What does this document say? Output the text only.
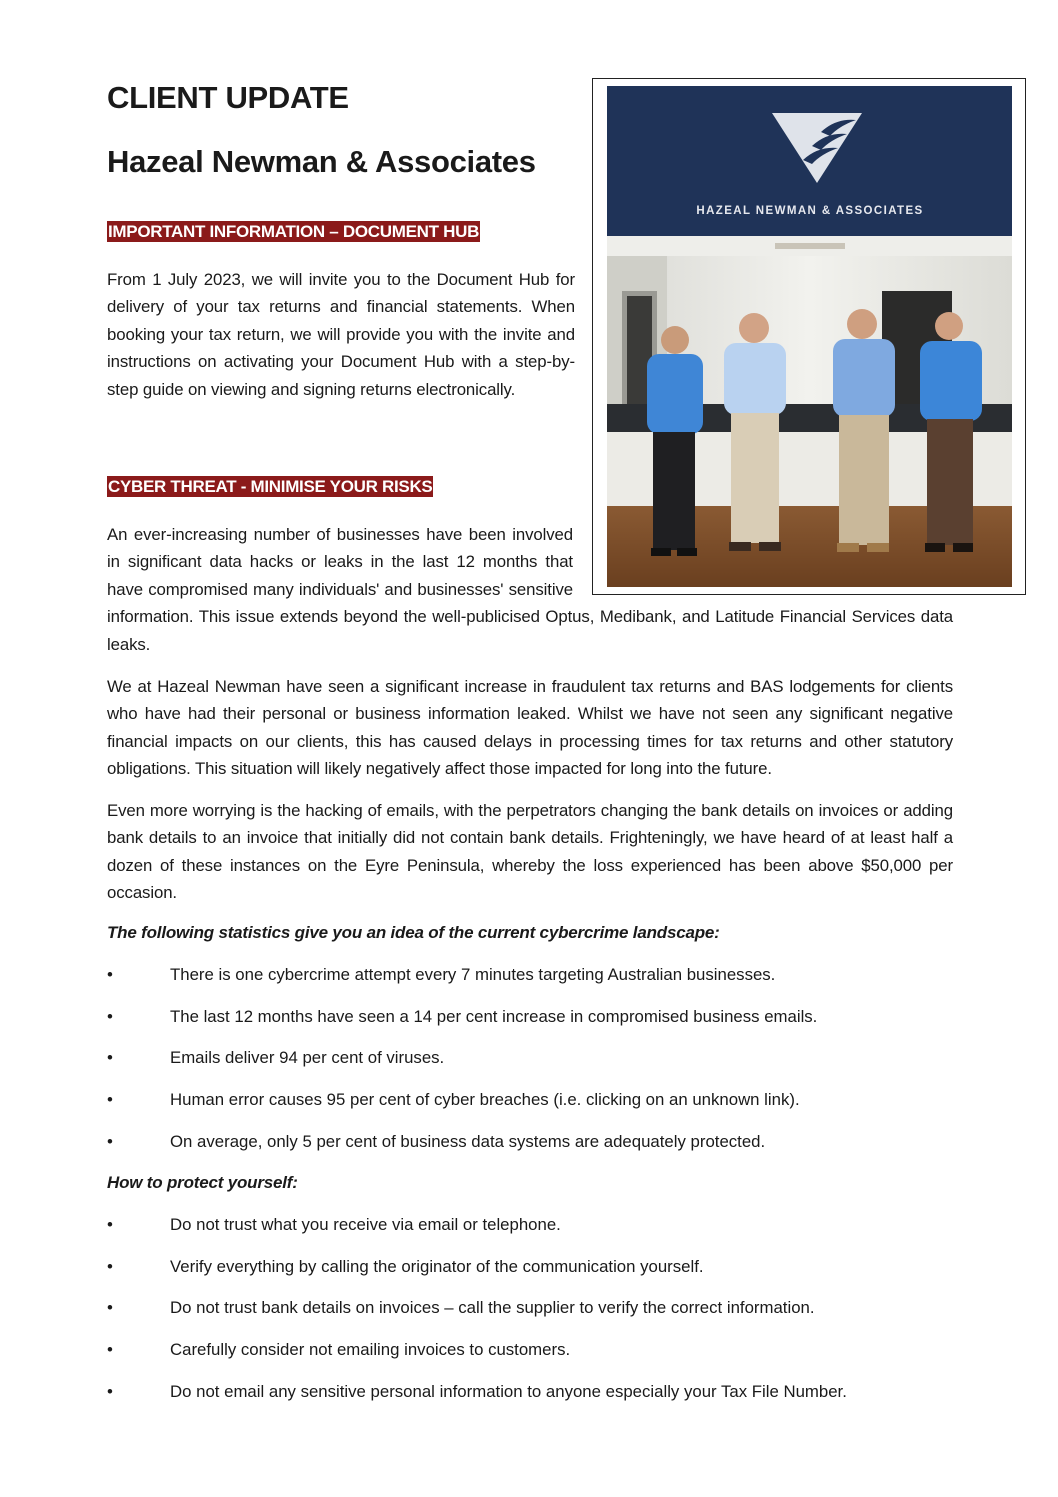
CLIENT UPDATE
Hazeal Newman & Associates
HAZEAL NEWMAN & ASSOCIATES
IMPORTANT INFORMATION – DOCUMENT HUB

From 1 July 2023, we will invite you to the Document Hub for delivery of your tax returns and financial statements. When booking your tax return, we will provide you with the invite and instructions on activating your Document Hub with a step-by-step guide on viewing and signing returns electronically.

CYBER THREAT - MINIMISE YOUR RISKS

An ever-increasing number of businesses have been involved in significant data hacks or leaks in the last 12 months that have compromised many individuals' and businesses' sensitive information. This issue extends beyond the well-publicised Optus, Medibank, and Latitude Financial Services data leaks.

We at Hazeal Newman have seen a significant increase in fraudulent tax returns and BAS lodgements for clients who have had their personal or business information leaked. Whilst we have not seen any significant negative financial impacts on our clients, this has caused delays in processing times for tax returns and other statutory obligations. This situation will likely negatively affect those impacted for long into the future.

Even more worrying is the hacking of emails, with the perpetrators changing the bank details on invoices or adding bank details to an invoice that initially did not contain bank details. Frighteningly, we have heard of at least half a dozen of these instances on the Eyre Peninsula, whereby the loss experienced has been above $50,000 per occasion.

The following statistics give you an idea of the current cybercrime landscape:

•	There is one cybercrime attempt every 7 minutes targeting Australian businesses.
•	The last 12 months have seen a 14 per cent increase in compromised business emails.
•	Emails deliver 94 per cent of viruses.
•	Human error causes 95 per cent of cyber breaches (i.e. clicking on an unknown link).
•	On average, only 5 per cent of business data systems are adequately protected.

How to protect yourself:

•	Do not trust what you receive via email or telephone.
•	Verify everything by calling the originator of the communication yourself.
•	Do not trust bank details on invoices – call the supplier to verify the correct information.
•	Carefully consider not emailing invoices to customers.
•	Do not email any sensitive personal information to anyone especially your Tax File Number.
